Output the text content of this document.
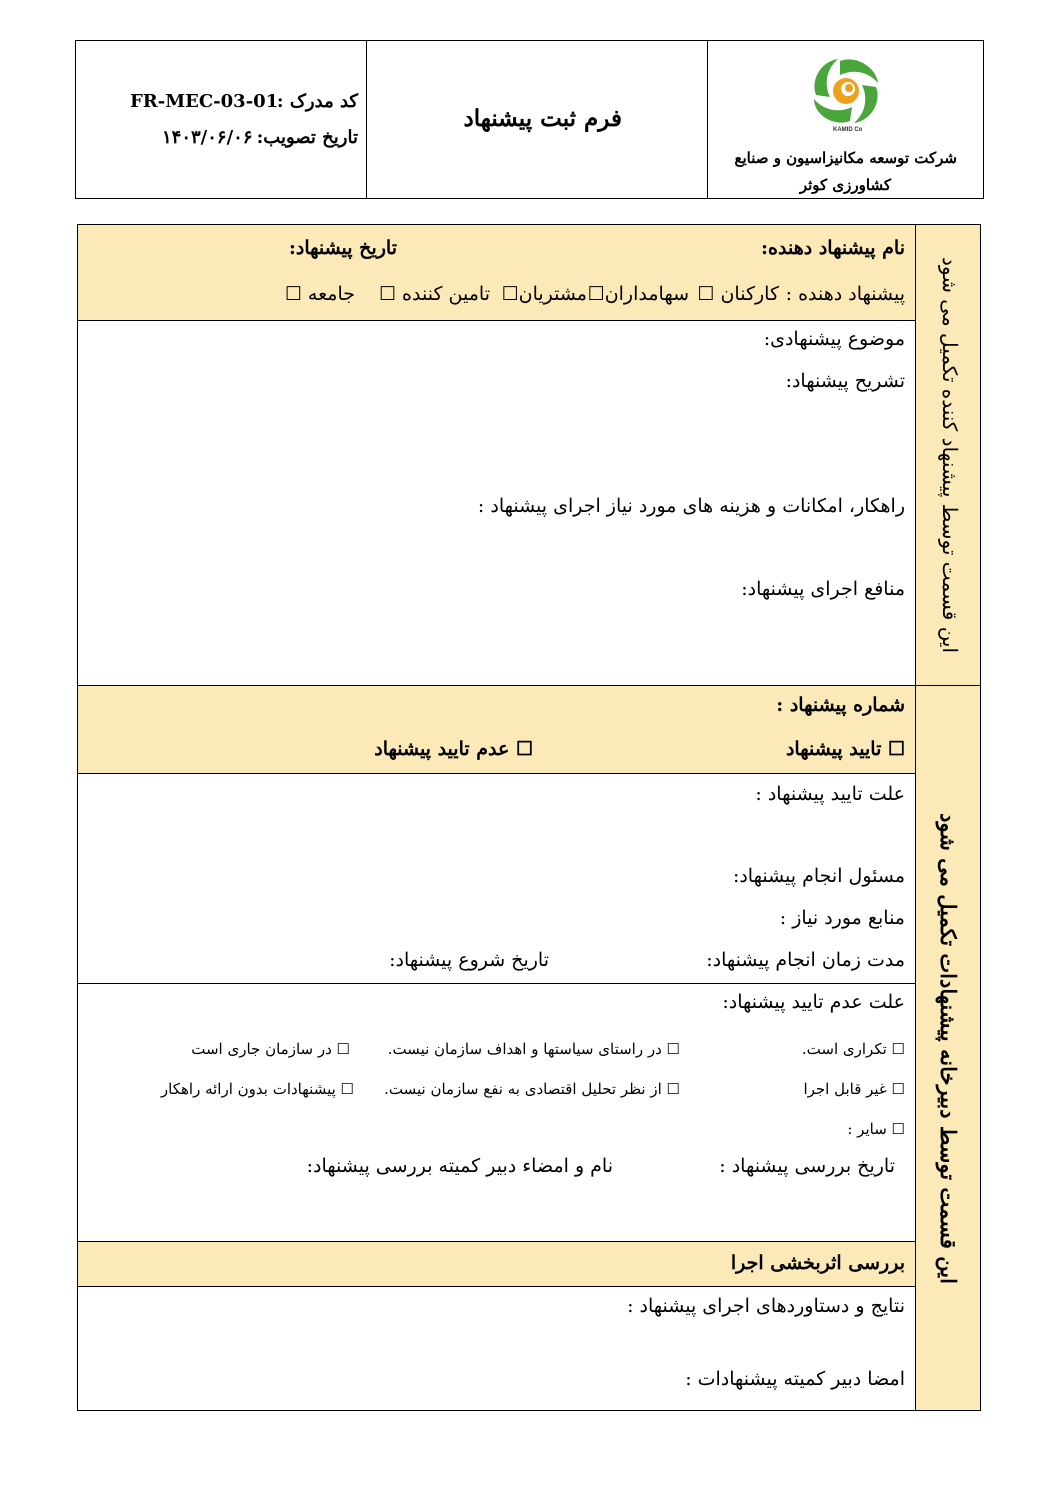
KAMID Co
شرکت توسعه مکانیزاسیون و صنایع
کشاورزی کوثر
فرم ثبت پیشنهاد
کد مدرک :
FR-MEC-03-01
تاریخ تصویب:
۱۴۰۳/۰۶/۰۶
این قسمت توسط پیشنهاد کننده تکمیل می شود
این قسمت توسط دبیرخانه پیشنهادات تکمیل می شود
نام پیشنهاد دهنده:
تاریخ پیشنهاد:
پیشنهاد دهنده :
کارکنان ☐
سهامداران☐
مشتریان☐
تامین کننده ☐
جامعه ☐
موضوع پیشنهادی:
تشریح پیشنهاد:
راهکار، امکانات و هزینه های مورد نیاز اجرای پیشنهاد :
منافع اجرای پیشنهاد:
شماره پیشنهاد :
☐ تایید پیشنهاد
☐ عدم تایید پیشنهاد
علت تایید پیشنهاد :
مسئول انجام پیشنهاد:
منابع مورد نیاز :
مدت زمان انجام پیشنهاد:
تاریخ شروع پیشنهاد:
علت عدم تایید پیشنهاد:
☐ تکراری است.
☐ در راستای سیاستها و اهداف سازمان نیست.
☐ در سازمان جاری است
☐ غیر قابل اجرا
☐ از نظر تحلیل اقتصادی به نفع سازمان نیست.
☐ پیشنهادات بدون ارائه راهکار
☐ سایر :
تاریخ بررسی پیشنهاد :
نام و امضاء دبیر کمیته بررسی پیشنهاد:
بررسی اثربخشی اجرا
نتایج و دستاوردهای اجرای پیشنهاد :
امضا دبیر کمیته پیشنهادات :
